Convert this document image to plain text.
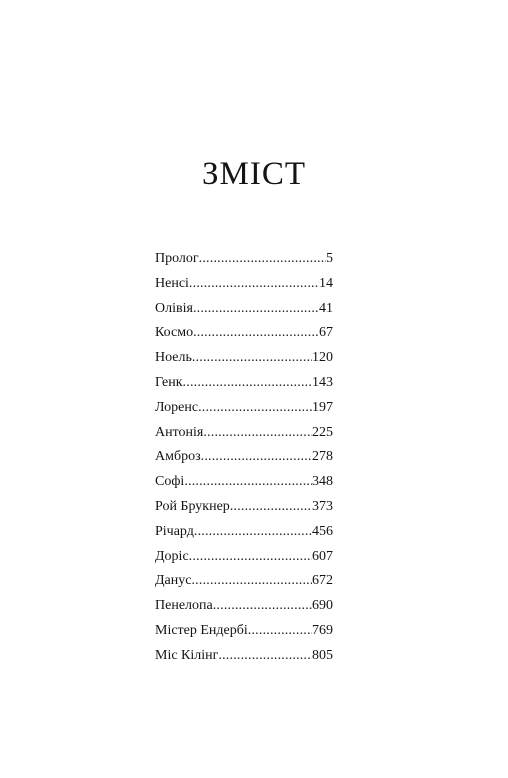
ЗМІСТ
Пролог .....	5
Ненсі .....	14
Олівія .....	41
Космо .....	67
Ноель .....	120
Генк .....	143
Лоренс .....	197
Антонія .....	225
Амброз .....	278
Софі .....	348
Рой Брукнер .....	373
Річард .....	456
Доріс .....	607
Данус .....	672
Пенелопа .....	690
Містер Ендербі .....	769
Міс Кілінг .....	805
